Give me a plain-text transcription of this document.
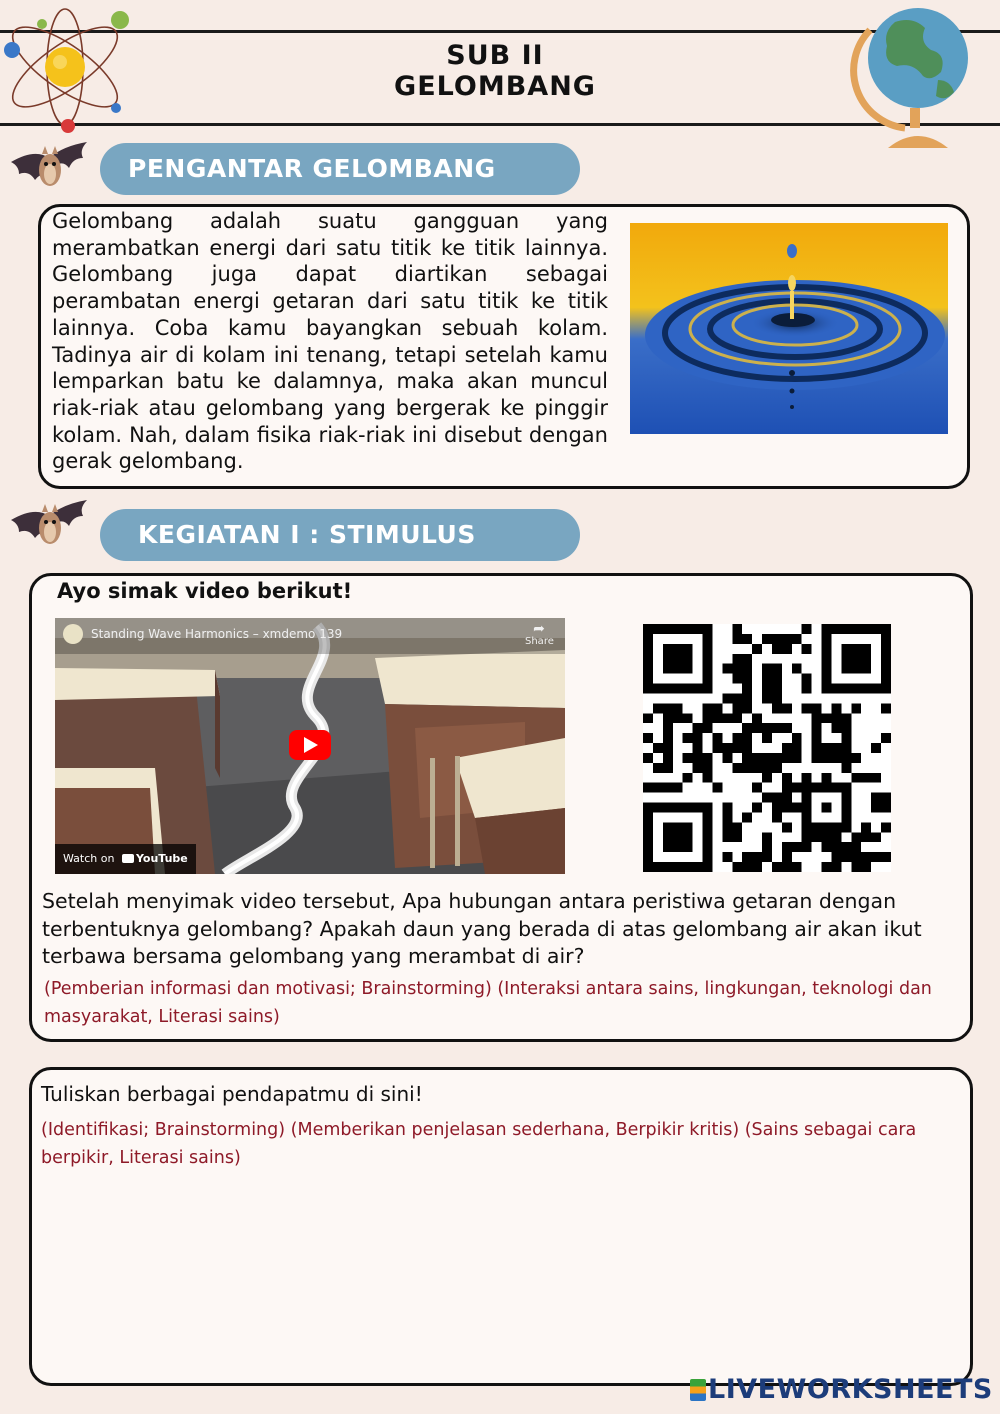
SUB II
GELOMBANG
PENGANTAR GELOMBANG
Gelombang adalah suatu gangguan yang merambatkan energi dari satu titik ke titik lainnya. Gelombang juga dapat diartikan sebagai perambatan energi getaran dari satu titik ke titik lainnya. Coba kamu bayangkan sebuah kolam. Tadinya air di kolam ini tenang, tetapi setelah kamu lemparkan batu ke dalamnya, maka akan muncul riak-riak atau gelombang yang bergerak ke pinggir kolam. Nah, dalam fisika riak-riak ini disebut dengan gerak gelombang.
KEGIATAN I : STIMULUS
Ayo simak video berikut!
Standing Wave Harmonics – xmdemo 139	➦
Share
Watch on YouTube
Setelah menyimak video tersebut, Apa hubungan antara peristiwa getaran dengan terbentuknya gelombang? Apakah daun yang berada di atas gelombang air akan ikut terbawa bersama gelombang yang merambat di air?
(Pemberian informasi dan motivasi; Brainstorming) (Interaksi antara sains, lingkungan, teknologi dan masyarakat, Literasi sains)
Tuliskan berbagai pendapatmu di sini!
(Identifikasi; Brainstorming) (Memberikan penjelasan sederhana, Berpikir kritis) (Sains sebagai cara berpikir, Literasi sains)
LIVEWORKSHEETS
